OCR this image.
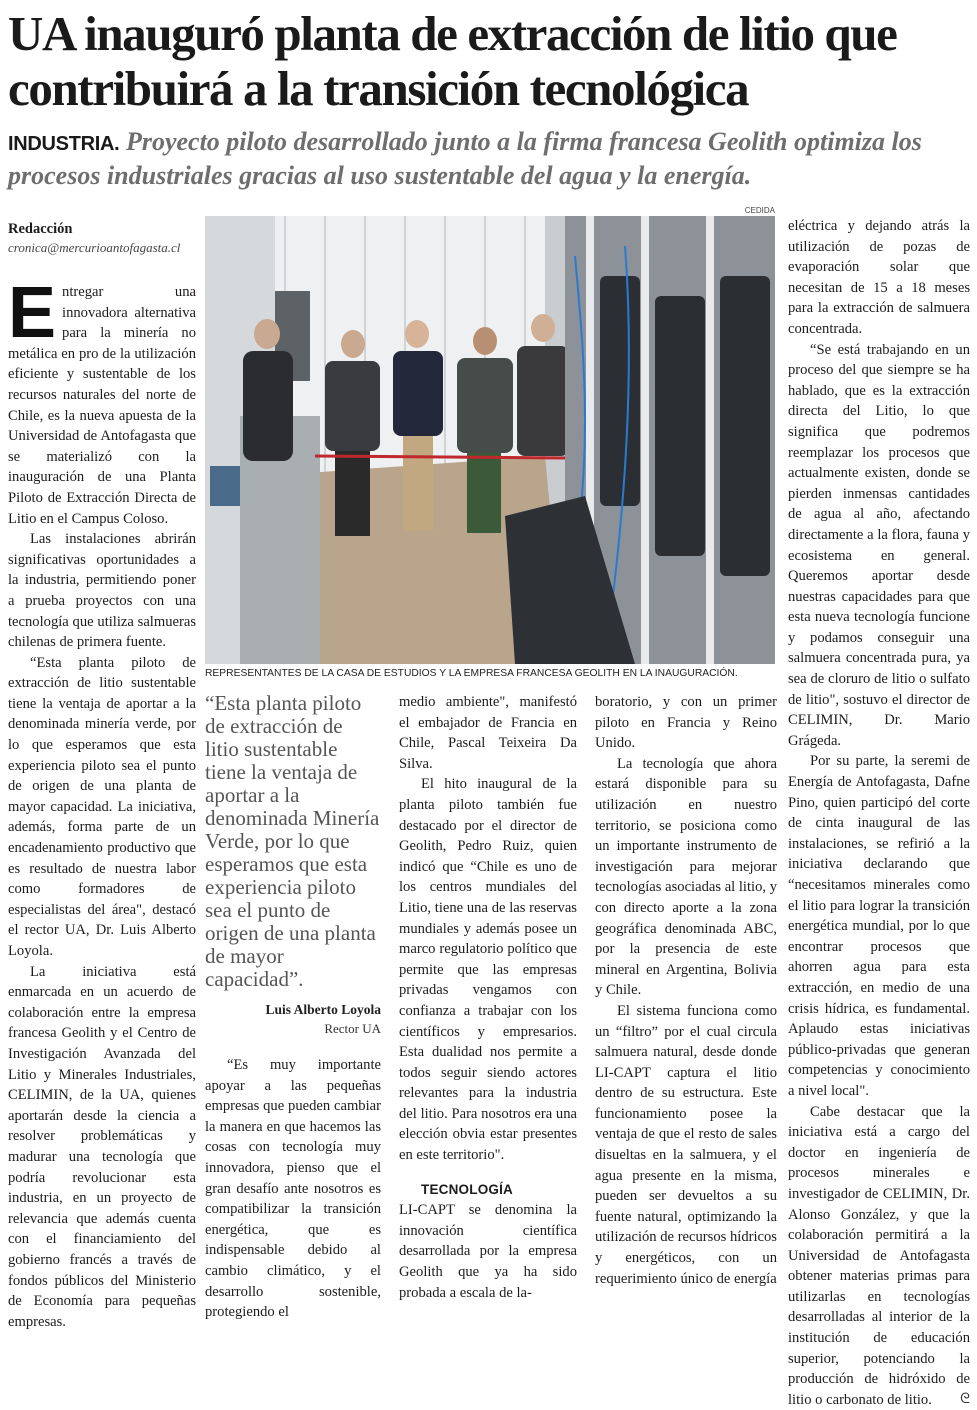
UA inauguró planta de extracción de litio que contribuirá a la transición tecnológica
INDUSTRIA. Proyecto piloto desarrollado junto a la firma francesa Geolith optimiza los procesos industriales gracias al uso sustentable del agua y la energía.
Redacción
cronica@mercurioantofagasta.cl

Entregar una innovadora alternativa para la minería no metálica en pro de la utilización eficiente y sustentable de los recursos naturales del norte de Chile, es la nueva apuesta de la Universidad de Antofagasta que se materializó con la inauguración de una Planta Piloto de Extracción Directa de Litio en el Campus Coloso.

Las instalaciones abrirán significativas oportunidades a la industria, permitiendo poner a prueba proyectos con una tecnología que utiliza salmueras chilenas de primera fuente.

“Esta planta piloto de extracción de litio sustentable tiene la ventaja de aportar a la denominada minería verde, por lo que esperamos que esta experiencia piloto sea el punto de origen de una planta de mayor capacidad. La iniciativa, además, forma parte de un encadenamiento productivo que es resultado de nuestra labor como formadores de especialistas del área", destacó el rector UA, Dr. Luis Alberto Loyola.

La iniciativa está enmarcada en un acuerdo de colaboración entre la empresa francesa Geolith y el Centro de Investigación Avanzada del Litio y Minerales Industriales, CELIMIN, de la UA, quienes aportarán desde la ciencia a resolver problemáticas y madurar una tecnología que podría revolucionar esta industria, en un proyecto de relevancia que además cuenta con el financiamiento del gobierno francés a través de fondos públicos del Ministerio de Economía para pequeñas empresas.

CEDIDA
REPRESENTANTES DE LA CASA DE ESTUDIOS Y LA EMPRESA FRANCESA GEOLITH EN LA INAUGURACIÓN.
“Esta planta piloto de extracción de litio sustentable tiene la ventaja de aportar a la denominada Minería Verde, por lo que esperamos que esta experiencia piloto sea el punto de origen de una planta de mayor capacidad”.
Luis Alberto Loyola
Rector UA

“Es muy importante apoyar a las pequeñas empresas que pueden cambiar la manera en que hacemos las cosas con tecnología muy innovadora, pienso que el gran desafío ante nosotros es compatibilizar la transición energética, que es indispensable debido al cambio climático, y el desarrollo sostenible, protegiendo el

medio ambiente", manifestó el embajador de Francia en Chile, Pascal Teixeira Da Silva.

El hito inaugural de la planta piloto también fue destacado por el director de Geolith, Pedro Ruiz, quien indicó que “Chile es uno de los centros mundiales del Litio, tiene una de las reservas mundiales y además posee un marco regulatorio político que permite que las empresas privadas vengamos con confianza a trabajar con los científicos y empresarios. Esta dualidad nos permite a todos seguir siendo actores relevantes para la industria del litio. Para nosotros era una elección obvia estar presentes en este territorio".

TECNOLOGÍA

LI-CAPT se denomina la innovación científica desarrollada por la empresa Geolith que ya ha sido probada a escala de la-

boratorio, y con un primer piloto en Francia y Reino Unido.

La tecnología que ahora estará disponible para su utilización en nuestro territorio, se posiciona como un importante instrumento de investigación para mejorar tecnologías asociadas al litio, y con directo aporte a la zona geográfica denominada ABC, por la presencia de este mineral en Argentina, Bolivia y Chile.

El sistema funciona como un “filtro” por el cual circula salmuera natural, desde donde LI-CAPT captura el litio dentro de su estructura. Este funcionamiento posee la ventaja de que el resto de sales disueltas en la salmuera, y el agua presente en la misma, pueden ser devueltos a su fuente natural, optimizando la utilización de recursos hídricos y energéticos, con un requerimiento único de energía

eléctrica y dejando atrás la utilización de pozas de evaporación solar que necesitan de 15 a 18 meses para la extracción de salmuera concentrada.

“Se está trabajando en un proceso del que siempre se ha hablado, que es la extracción directa del Litio, lo que significa que podremos reemplazar los procesos que actualmente existen, donde se pierden inmensas cantidades de agua al año, afectando directamente a la flora, fauna y ecosistema en general. Queremos aportar desde nuestras capacidades para que esta nueva tecnología funcione y podamos conseguir una salmuera concentrada pura, ya sea de cloruro de litio o sulfato de litio", sostuvo el director de CELIMIN, Dr. Mario Grágeda.

Por su parte, la seremi de Energía de Antofagasta, Dafne Pino, quien participó del corte de cinta inaugural de las instalaciones, se refirió a la iniciativa declarando que “necesitamos minerales como el litio para lograr la transición energética mundial, por lo que encontrar procesos que ahorren agua para esta extracción, en medio de una crisis hídrica, es fundamental. Aplaudo estas iniciativas público-privadas que generan competencias y conocimiento a nivel local".

Cabe destacar que la iniciativa está a cargo del doctor en ingeniería de procesos minerales e investigador de CELIMIN, Dr. Alonso González, y que la colaboración permitirá a la Universidad de Antofagasta obtener materias primas para utilizarlas en tecnologías desarrolladas al interior de la institución de educación superior, potenciando la producción de hidróxido de litio o carbonato de litio.	ᘓ
